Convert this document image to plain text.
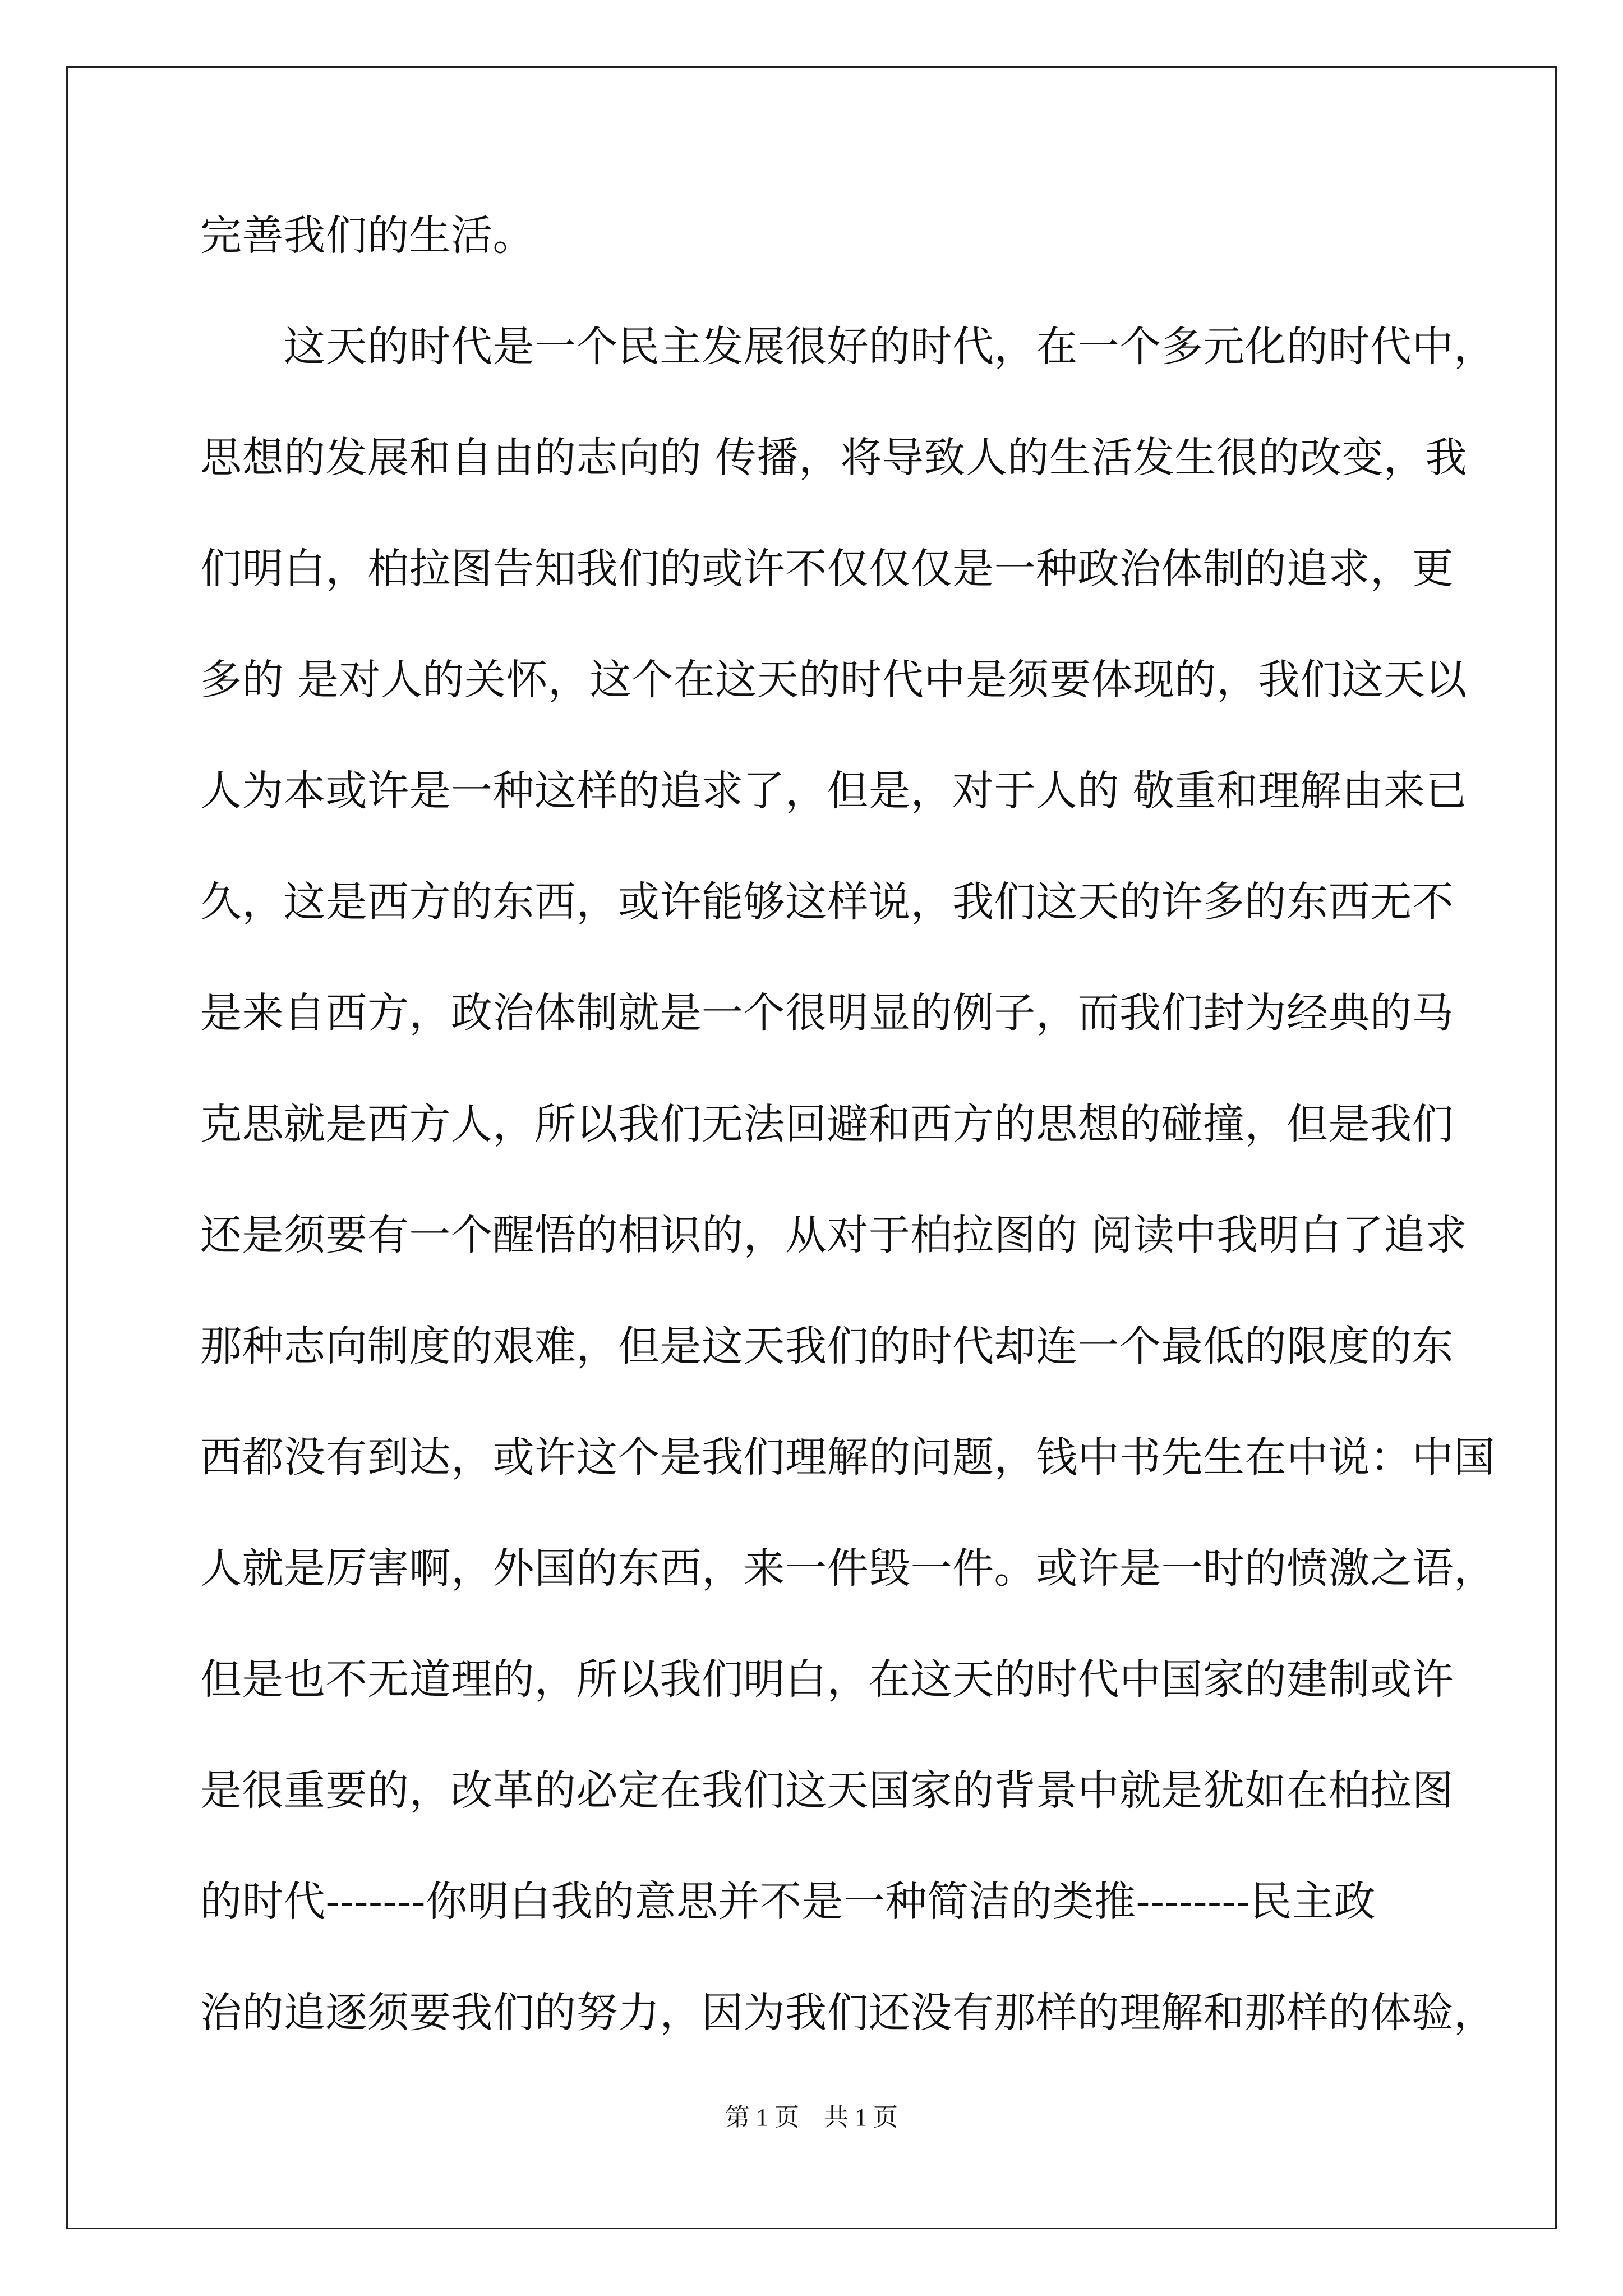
完善我们的生活。
　　这天的时代是一个民主发展很好的时代，在一个多元化的时代中，
思想的发展和自由的志向的 传播，将导致人的生活发生很的改变，我
们明白，柏拉图告知我们的或许不仅仅仅是一种政治体制的追求，更
多的 是对人的关怀，这个在这天的时代中是须要体现的，我们这天以
人为本或许是一种这样的追求了，但是，对于人的 敬重和理解由来已
久，这是西方的东西，或许能够这样说，我们这天的许多的东西无不
是来自西方，政治体制就是一个很明显的例子，而我们封为经典的马
克思就是西方人，所以我们无法回避和西方的思想的碰撞，但是我们
还是须要有一个醒悟的相识的，从对于柏拉图的 阅读中我明白了追求
那种志向制度的艰难，但是这天我们的时代却连一个最低的限度的东
西都没有到达，或许这个是我们理解的问题，钱中书先生在中说：中国
人就是厉害啊，外国的东西，来一件毁一件。或许是一时的愤激之语，
但是也不无道理的，所以我们明白，在这天的时代中国家的建制或许
是很重要的，改革的必定在我们这天国家的背景中就是犹如在柏拉图
的时代-------你明白我的意思并不是一种简洁的类推--------民主政
治的追逐须要我们的努力，因为我们还没有那样的理解和那样的体验，
第 1 页　共 1 页
